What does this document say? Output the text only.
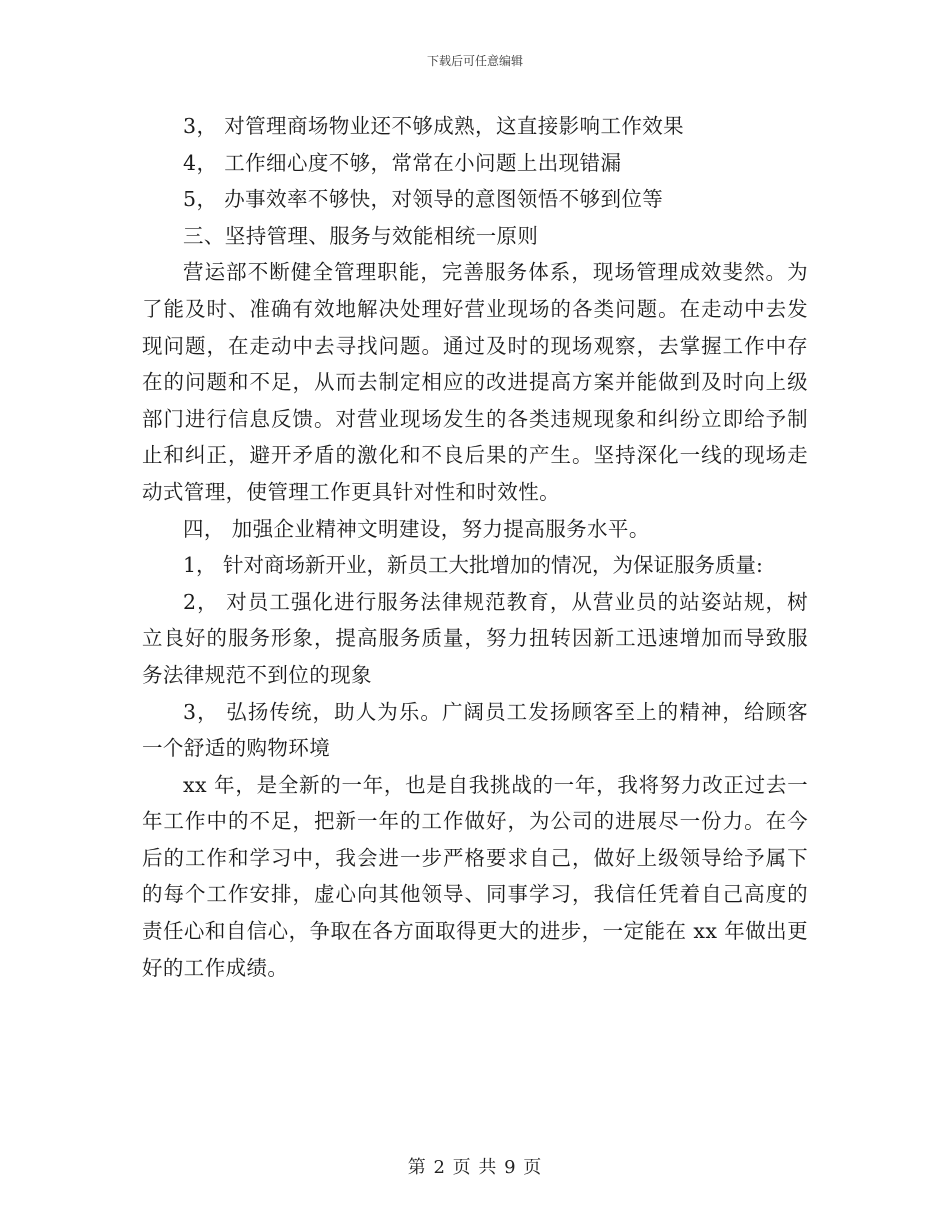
下载后可任意编辑

3， 对管理商场物业还不够成熟，这直接影响工作效果

4， 工作细心度不够，常常在小问题上出现错漏

5， 办事效率不够快，对领导的意图领悟不够到位等

三、坚持管理、服务与效能相统一原则

营运部不断健全管理职能，完善服务体系，现场管理成效斐然。为了能及时、准确有效地解决处理好营业现场的各类问题。在走动中去发现问题，在走动中去寻找问题。通过及时的现场观察，去掌握工作中存在的问题和不足，从而去制定相应的改进提高方案并能做到及时向上级部门进行信息反馈。对营业现场发生的各类违规现象和纠纷立即给予制止和纠正，避开矛盾的激化和不良后果的产生。坚持深化一线的现场走动式管理，使管理工作更具针对性和时效性。

四， 加强企业精神文明建设，努力提高服务水平。

1， 针对商场新开业，新员工大批增加的情况，为保证服务质量:

2， 对员工强化进行服务法律规范教育，从营业员的站姿站规，树立良好的服务形象，提高服务质量，努力扭转因新工迅速增加而导致服务法律规范不到位的现象

3， 弘扬传统，助人为乐。广阔员工发扬顾客至上的精神，给顾客一个舒适的购物环境

xx 年，是全新的一年，也是自我挑战的一年，我将努力改正过去一年工作中的不足，把新一年的工作做好，为公司的进展尽一份力。在今后的工作和学习中，我会进一步严格要求自己，做好上级领导给予属下的每个工作安排，虚心向其他领导、同事学习，我信任凭着自己高度的责任心和自信心，争取在各方面取得更大的进步，一定能在 xx 年做出更好的工作成绩。

第 2 页 共 9 页
